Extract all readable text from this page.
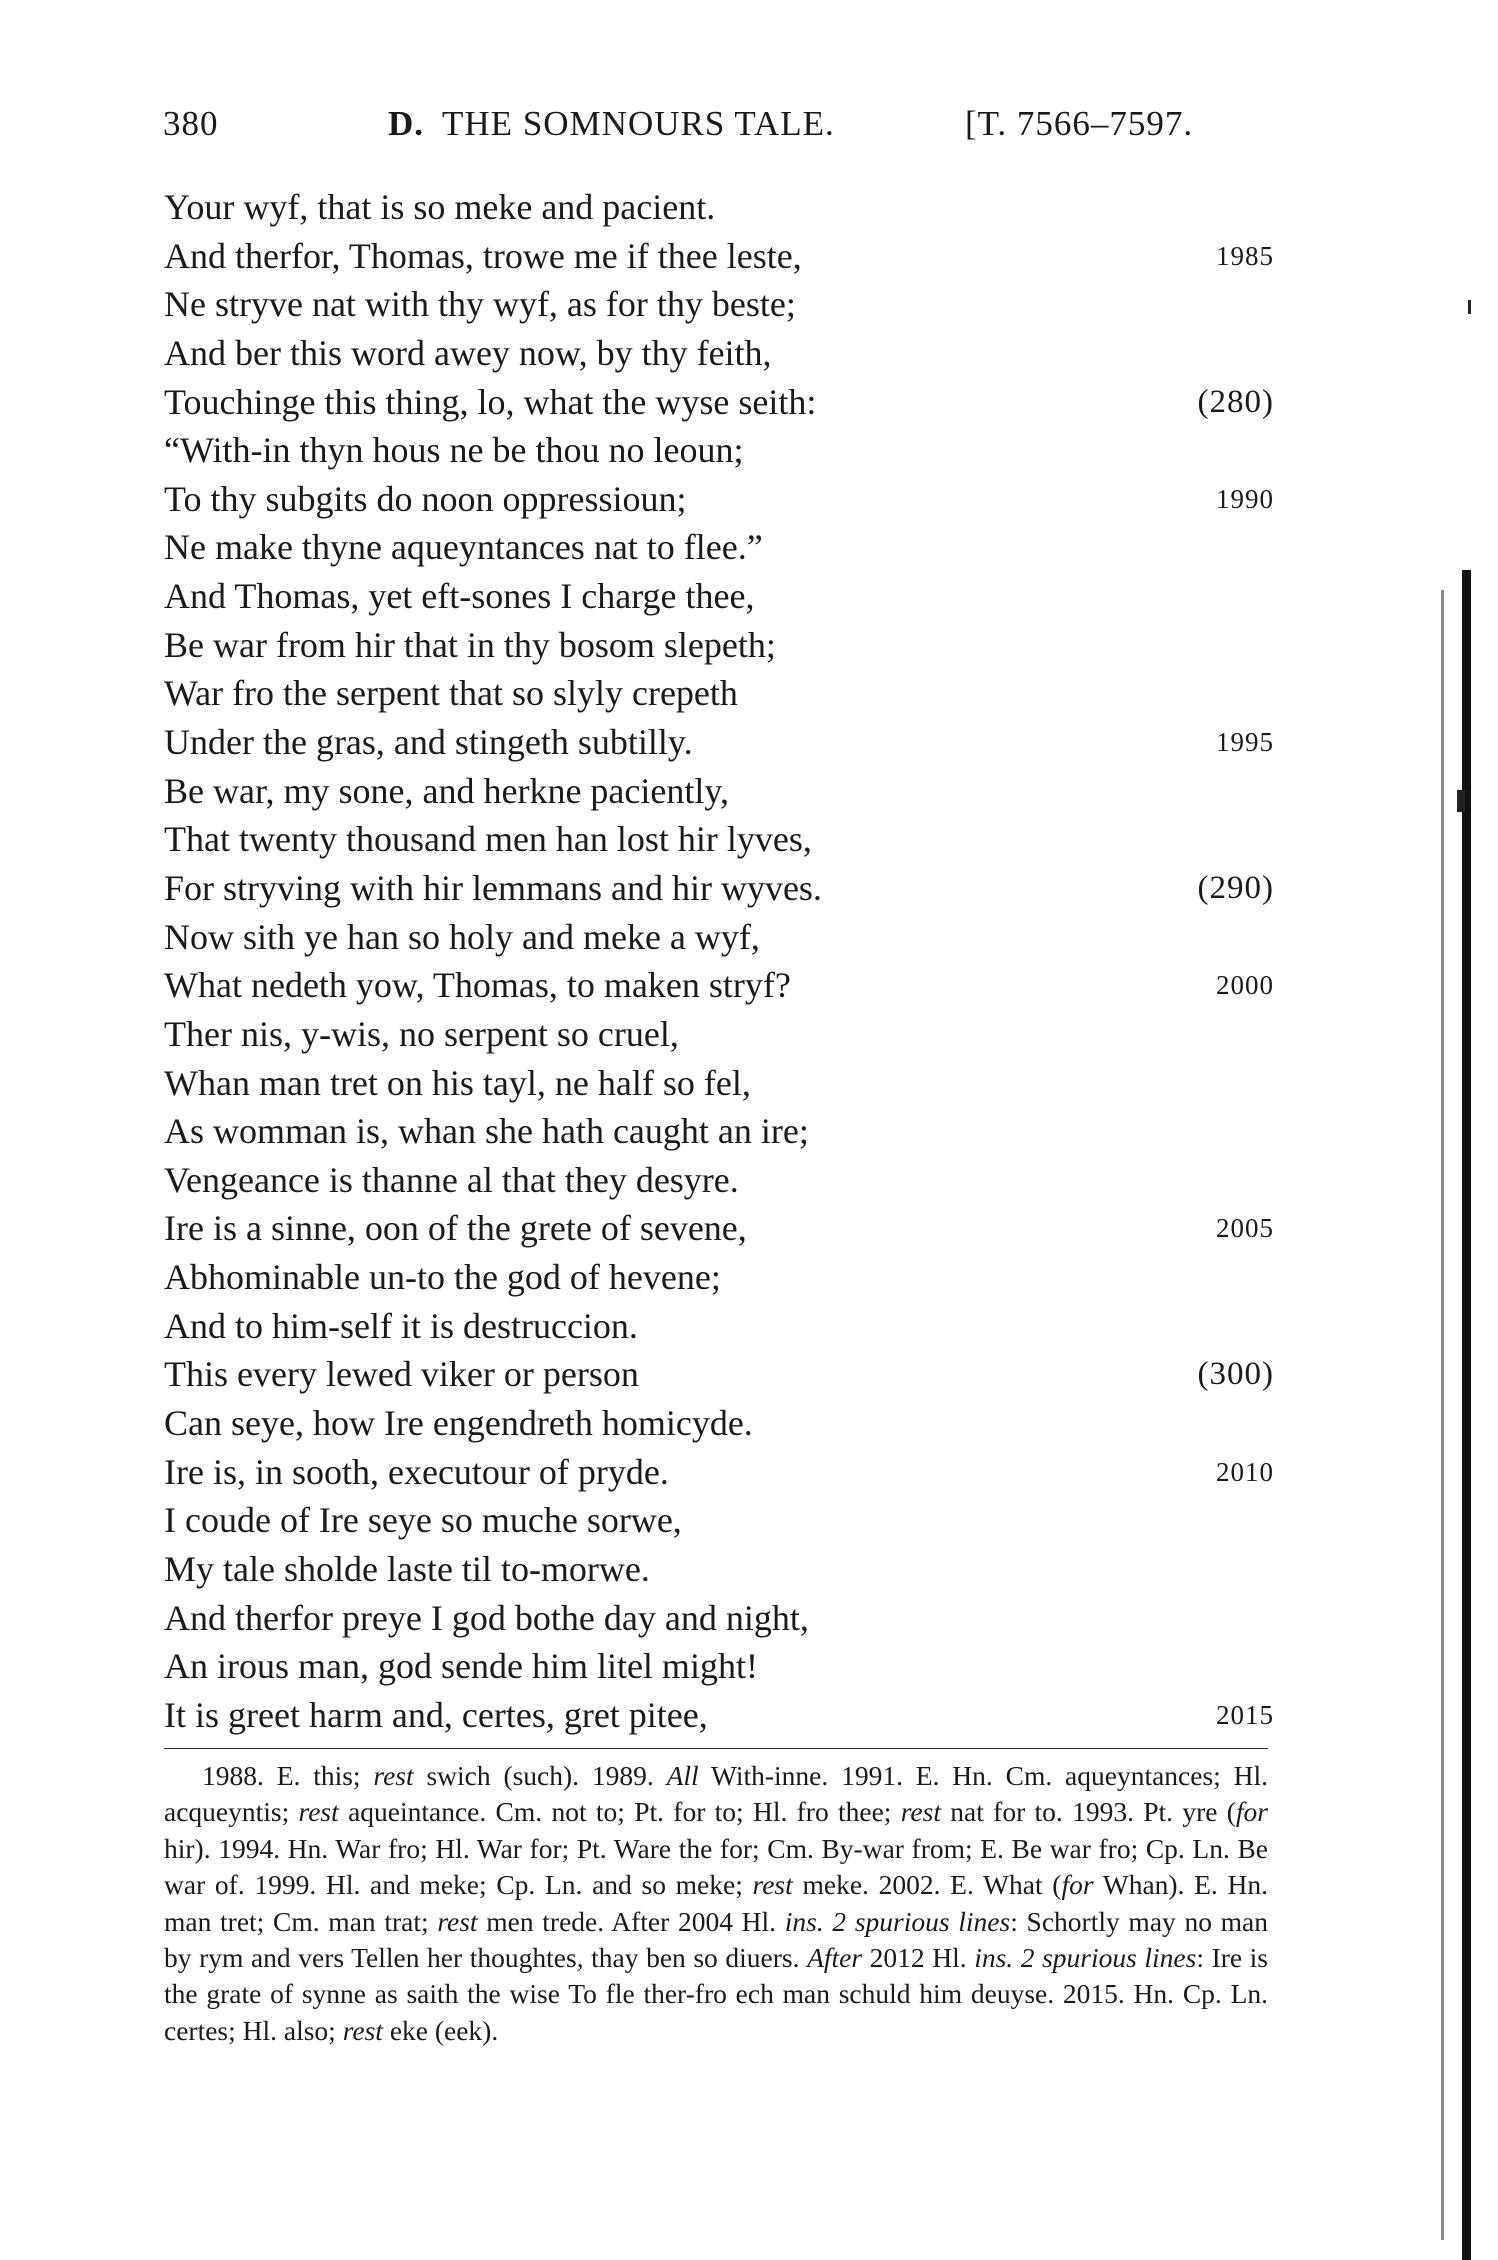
380	D. THE SOMNOURS TALE.	[T. 7566–7597.
Your wyf, that is so meke and pacient.
And therfor, Thomas, trowe me if thee leste,	1985
Ne stryve nat with thy wyf, as for thy beste;
And ber this word awey now, by thy feith,
Touchinge this thing, lo, what the wyse seith:	(280)
“With-in thyn hous ne be thou no leoun;
To thy subgits do noon oppressioun;	1990
Ne make thyne aqueyntances nat to flee.”
And Thomas, yet eft-sones I charge thee,
Be war from hir that in thy bosom slepeth;
War fro the serpent that so slyly crepeth
Under the gras, and stingeth subtilly.	1995
Be war, my sone, and herkne paciently,
That twenty thousand men han lost hir lyves,
For stryving with hir lemmans and hir wyves.	(290)
Now sith ye han so holy and meke a wyf,
What nedeth yow, Thomas, to maken stryf?	2000
Ther nis, y-wis, no serpent so cruel,
Whan man tret on his tayl, ne half so fel,
As womman is, whan she hath caught an ire;
Vengeance is thanne al that they desyre.
Ire is a sinne, oon of the grete of sevene,	2005
Abhominable un-to the god of hevene;
And to him-self it is destruccion.
This every lewed viker or person	(300)
Can seye, how Ire engendreth homicyde.
Ire is, in sooth, executour of pryde.	2010
I coude of Ire seye so muche sorwe,
My tale sholde laste til to-morwe.
And therfor preye I god bothe day and night,
An irous man, god sende him litel might!
It is greet harm and, certes, gret pitee,	2015
1988. E. this; rest swich (such). 1989. All With-inne. 1991. E. Hn. Cm. aqueyntances; Hl. acqueyntis; rest aqueintance. Cm. not to; Pt. for to; Hl. fro thee; rest nat for to. 1993. Pt. yre (for hir). 1994. Hn. War fro; Hl. War for; Pt. Ware the for; Cm. By-war from; E. Be war fro; Cp. Ln. Be war of. 1999. Hl. and meke; Cp. Ln. and so meke; rest meke. 2002. E. What (for Whan). E. Hn. man tret; Cm. man trat; rest men trede. After 2004 Hl. ins. 2 spurious lines: Schortly may no man by rym and vers Tellen her thoughtes, thay ben so diuers. After 2012 Hl. ins. 2 spurious lines: Ire is the grate of synne as saith the wise To fle ther-fro ech man schuld him deuyse. 2015. Hn. Cp. Ln. certes; Hl. also; rest eke (eek).
